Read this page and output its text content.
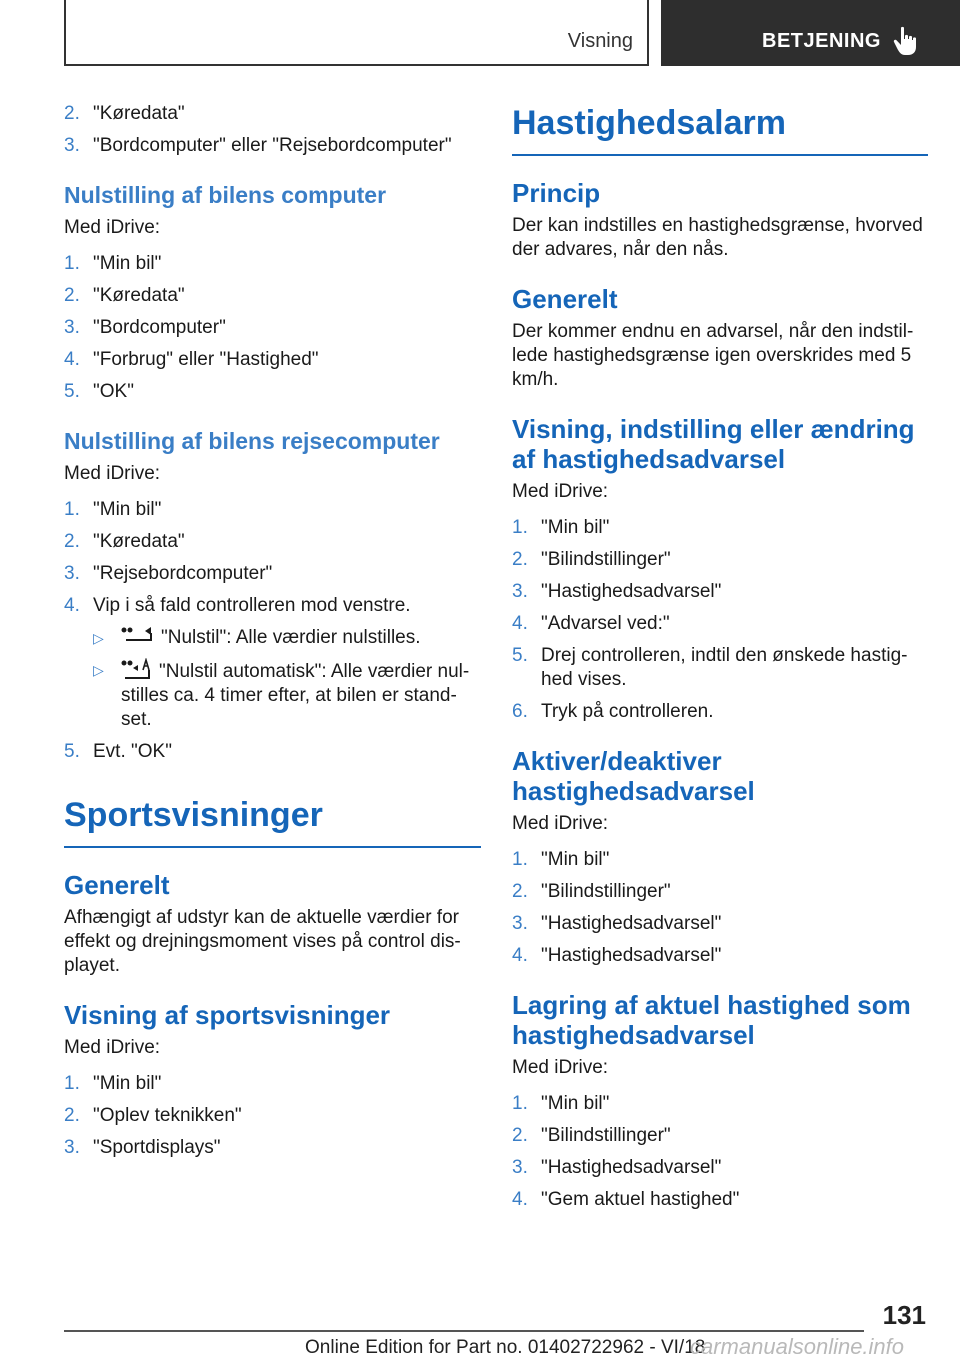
Visning	BETJENING
2. "Køredata"
3. "Bordcomputer" eller "Rejsebordcomputer"
Nulstilling af bilens computer
Med iDrive:
1. "Min bil"
2. "Køredata"
3. "Bordcomputer"
4. "Forbrug" eller "Hastighed"
5. "OK"
Nulstilling af bilens rejsecomputer
Med iDrive:
1. "Min bil"
2. "Køredata"
3. "Rejsebordcomputer"
4. Vip i så fald controlleren mod venstre.
▷	"Nulstil": Alle værdier nulstilles.
▷	"Nulstil automatisk": Alle værdier nulstilles ca. 4 timer efter, at bilen er standset.
5. Evt. "OK"
Sportsvisninger
Generelt
Afhængigt af udstyr kan de aktuelle værdier for effekt og drejningsmoment vises på control displayet.
Visning af sportsvisninger
Med iDrive:
1. "Min bil"
2. "Oplev teknikken"
3. "Sportdisplays"
Hastighedsalarm
Princip
Der kan indstilles en hastighedsgrænse, hvorved der advares, når den nås.
Generelt
Der kommer endnu en advarsel, når den indstillede hastighedsgrænse igen overskrides med 5 km/h.
Visning, indstilling eller ændring af hastighedsadvarsel
Med iDrive:
1. "Min bil"
2. "Bilindstillinger"
3. "Hastighedsadvarsel"
4. "Advarsel ved:"
5. Drej controlleren, indtil den ønskede hastighed vises.
6. Tryk på controlleren.
Aktiver/deaktiver hastighedsadvarsel
Med iDrive:
1. "Min bil"
2. "Bilindstillinger"
3. "Hastighedsadvarsel"
4. "Hastighedsadvarsel"
Lagring af aktuel hastighed som hastighedsadvarsel
Med iDrive:
1. "Min bil"
2. "Bilindstillinger"
3. "Hastighedsadvarsel"
4. "Gem aktuel hastighed"
131
Online Edition for Part no. 01402722962 - VI/18
carmanualsonline.info
